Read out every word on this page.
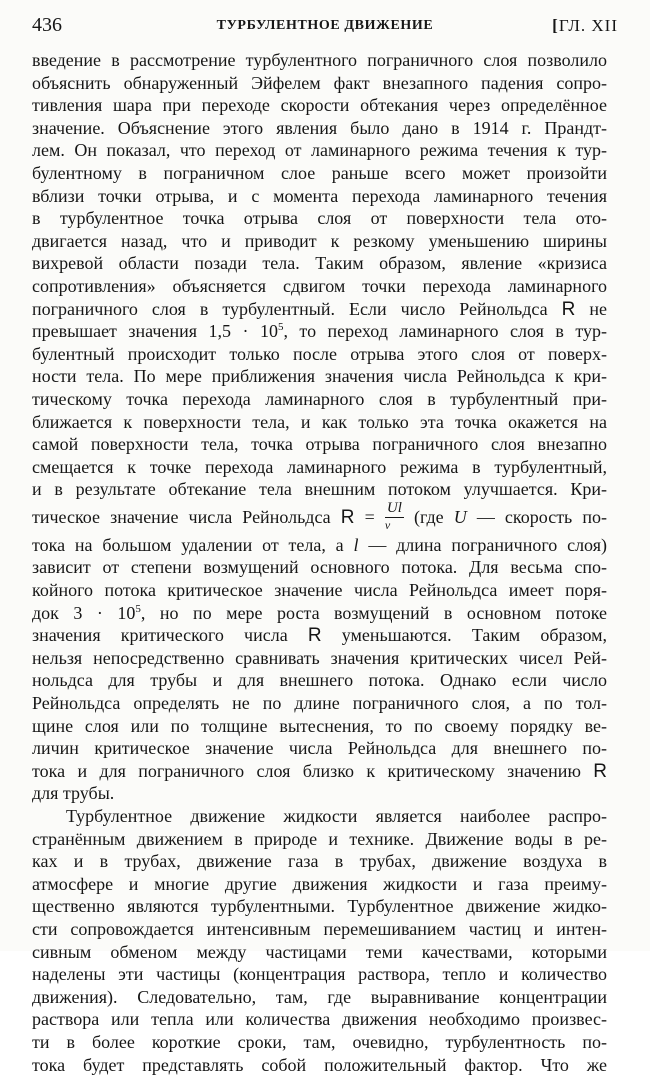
436	ТУРБУЛЕНТНОЕ ДВИЖЕНИЕ	[ГЛ. XII
введение в рассмотрение турбулентного пограничного слоя позволило
объяснить обнаруженный Эйфелем факт внезапного падения сопро-
тивления шара при переходе скорости обтекания через определённое
значение. Объяснение этого явления было дано в 1914 г. Прандт-
лем. Он показал, что переход от ламинарного режима течения к тур-
булентному в пограничном слое раньше всего может произойти
вблизи точки отрыва, и с момента перехода ламинарного течения
в турбулентное точка отрыва слоя от поверхности тела ото-
двигается назад, что и приводит к резкому уменьшению ширины
вихревой области позади тела. Таким образом, явление «кризиса
сопротивления» объясняется сдвигом точки перехода ламинарного
пограничного слоя в турбулентный. Если число Рейнольдса R не
превышает значения $1,5 \cdot 10^5$, то переход ламинарного слоя в тур-
булентный происходит только после отрыва этого слоя от поверх-
ности тела. По мере приближения значения числа Рейнольдса к кри-
тическому точка перехода ламинарного слоя в турбулентный при-
ближается к поверхности тела, и как только эта точка окажется на
самой поверхности тела, точка отрыва пограничного слоя внезапно
смещается к точке перехода ламинарного режима в турбулентный,
и в результате обтекание тела внешним потоком улучшается. Кри-
тическое значение числа Рейнольдса $R = \frac{Ul}{\nu} (где$ U — скорость по-
тока на большом удалении от тела, а l — длина пограничного слоя)
зависит от степени возмущений основного потока. Для весьма спо-
койного потока критическое значение числа Рейнольдса имеет поря-
док $3 \cdot 10^5$, но по мере роста возмущений в основном потоке
значения критического числа R уменьшаются. Таким образом,
нельзя непосредственно сравнивать значения критических чисел Рей-
нольдса для трубы и для внешнего потока. Однако если число
Рейнольдса определять не по длине пограничного слоя, а по тол-
щине слоя или по толщине вытеснения, то по своему порядку ве-
личин критическое значение числа Рейнольдса для внешнего по-
тока и для пограничного слоя близко к критическому значению R
для трубы.
Турбулентное движение жидкости является наиболее распро-
странённым движением в природе и технике. Движение воды в ре-
ках и в трубах, движение газа в трубах, движение воздуха в
атмосфере и многие другие движения жидкости и газа преиму-
щественно являются турбулентными. Турбулентное движение жидко-
сти сопровождается интенсивным перемешиванием частиц и интен-
сивным обменом между частицами теми качествами, которыми
наделены эти частицы (концентрация раствора, тепло и количество
движения). Следовательно, там, где выравнивание концентрации
раствора или тепла или количества движения необходимо произвес-
ти в более короткие сроки, там, очевидно, турбулентность по-
тока будет представлять собой положительный фактор. Что же
